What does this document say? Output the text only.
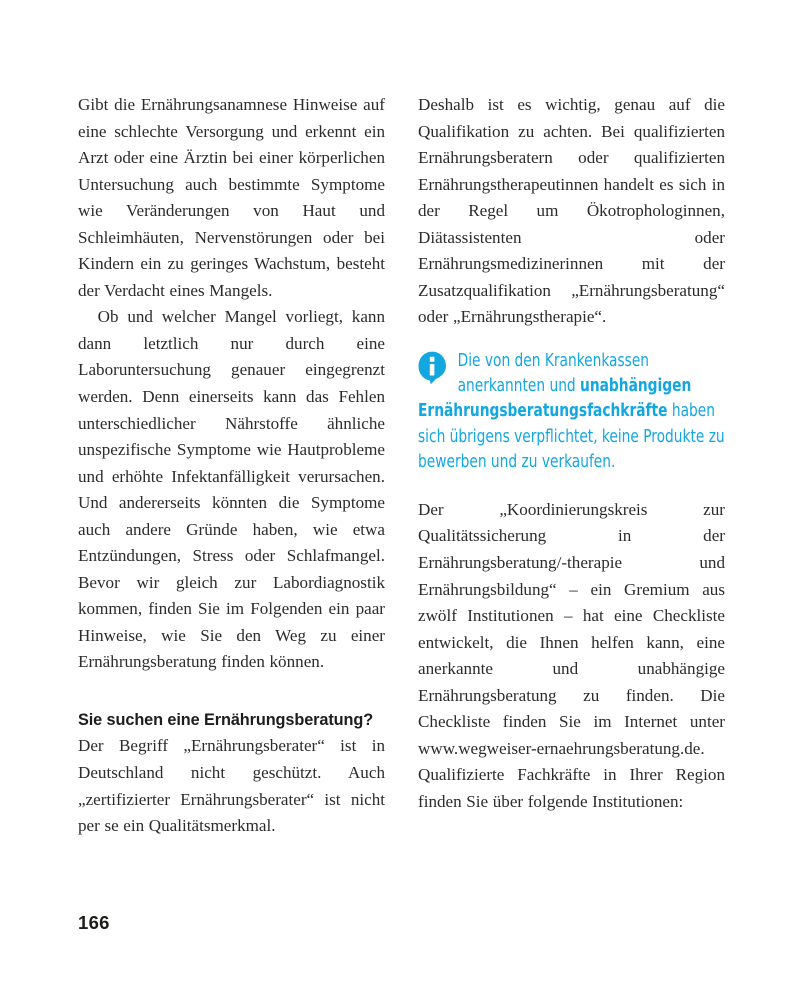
Gibt die Ernährungsanamnese Hinweise auf eine schlechte Versorgung und erkennt ein Arzt oder eine Ärztin bei einer körperlichen Untersuchung auch bestimmte Symptome wie Veränderungen von Haut und Schleimhäuten, Nervenstörungen oder bei Kindern ein zu geringes Wachstum, besteht der Verdacht eines Mangels.

Ob und welcher Mangel vorliegt, kann dann letztlich nur durch eine Laboruntersuchung genauer eingegrenzt werden. Denn einerseits kann das Fehlen unterschiedlicher Nährstoffe ähnliche unspezifische Symptome wie Hautprobleme und erhöhte Infektanfälligkeit verursachen. Und andererseits könnten die Symptome auch andere Gründe haben, wie etwa Entzündungen, Stress oder Schlafmangel. Bevor wir gleich zur Labordiagnostik kommen, finden Sie im Folgenden ein paar Hinweise, wie Sie den Weg zu einer Ernährungsberatung finden können.

Sie suchen eine Ernährungsberatung?

Der Begriff „Ernährungsberater“ ist in Deutschland nicht geschützt. Auch „zertifizierter Ernährungsberater“ ist nicht per se ein Qualitätsmerkmal.

Deshalb ist es wichtig, genau auf die Qualifikation zu achten. Bei qualifizierten Ernährungsberatern oder qualifizierten Ernährungstherapeutinnen handelt es sich in der Regel um Ökotrophologinnen, Diätassistenten oder Ernährungsmedizinerinnen mit der Zusatzqualifikation „Ernährungsberatung“ oder „Ernährungstherapie“.

Die von den Krankenkassen anerkannten und unabhängigen Ernährungsberatungsfachkräfte haben sich übrigens verpflichtet, keine Produkte zu bewerben und zu verkaufen.

Der „Koordinierungskreis zur Qualitätssicherung in der Ernährungsberatung/-therapie und Ernährungsbildung“ – ein Gremium aus zwölf Institutionen – hat eine Checkliste entwickelt, die Ihnen helfen kann, eine anerkannte und unabhängige Ernährungsberatung zu finden. Die Checkliste finden Sie im Internet unter www.wegweiser-ernaehrungsberatung.de. Qualifizierte Fachkräfte in Ihrer Region finden Sie über folgende Institutionen:

166
